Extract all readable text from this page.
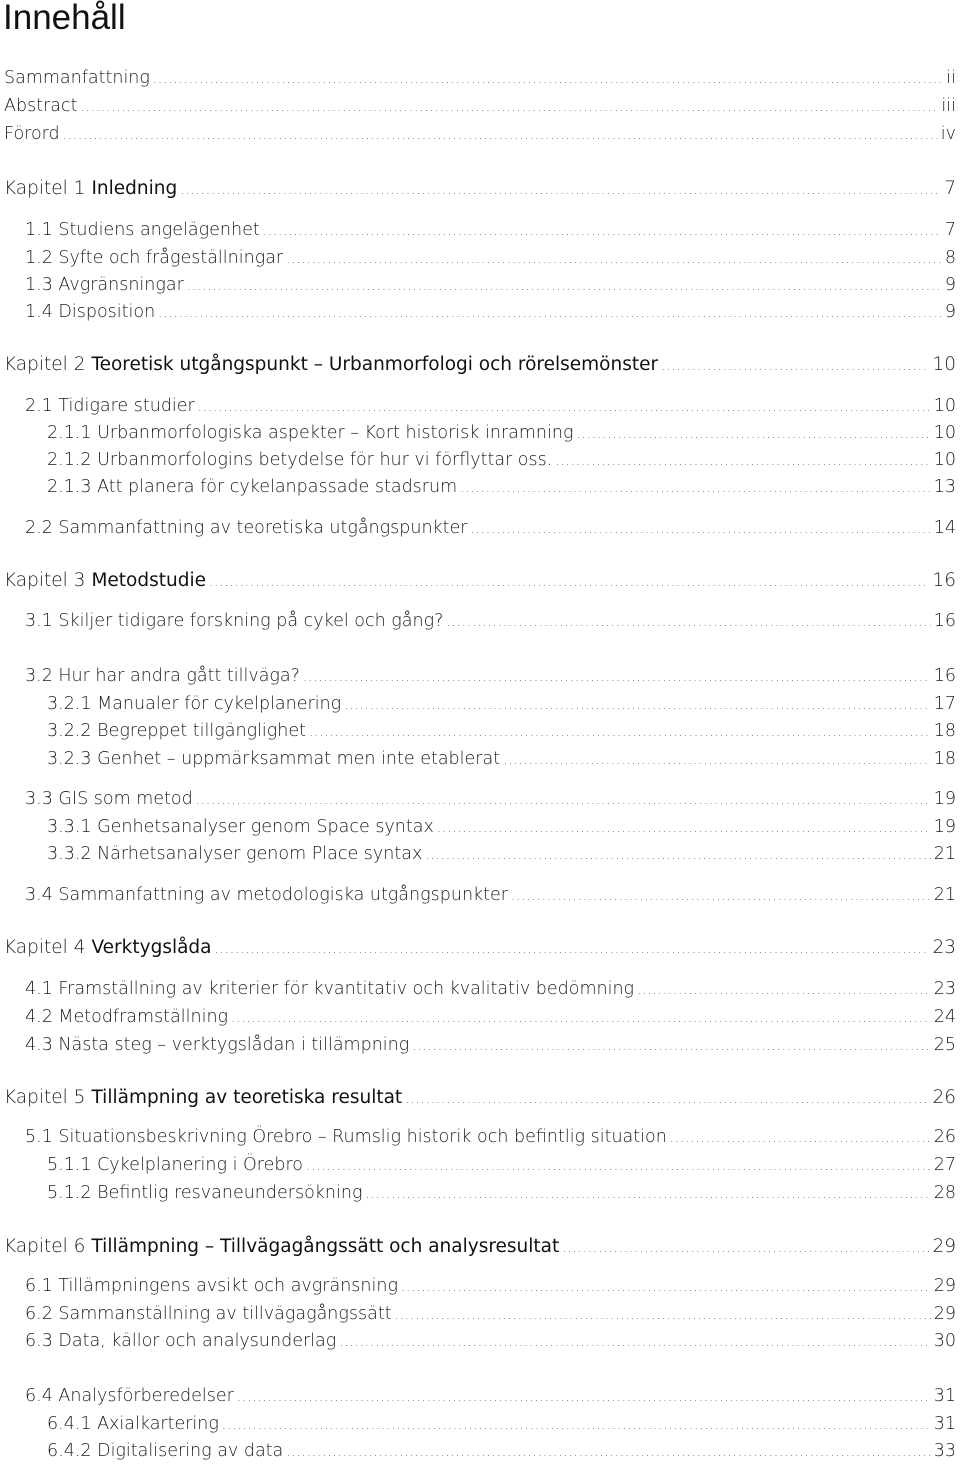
Innehåll
Sammanfattning .....	ii
Abstract .....	iii
Förord .....	iv
Kapitel 1 Inledning .....	7
1.1 Studiens angelägenhet .....	7
1.2 Syfte och frågeställningar .....	8
1.3 Avgränsningar .....	9
1.4 Disposition .....	9
Kapitel 2 Teoretisk utgångspunkt – Urbanmorfologi och rörelsemönster .....	10
2.1 Tidigare studier .....	10
2.1.1 Urbanmorfologiska aspekter – Kort historisk inramning .....	10
2.1.2 Urbanmorfologins betydelse för hur vi förflyttar oss. .....	10
2.1.3 Att planera för cykelanpassade stadsrum .....	13
2.2 Sammanfattning av teoretiska utgångspunkter .....	14
Kapitel 3 Metodstudie .....	16
3.1 Skiljer tidigare forskning på cykel och gång? .....	16
3.2 Hur har andra gått tillväga? .....	16
3.2.1 Manualer för cykelplanering .....	17
3.2.2 Begreppet tillgänglighet .....	18
3.2.3 Genhet – uppmärksammat men inte etablerat .....	18
3.3 GIS som metod .....	19
3.3.1 Genhetsanalyser genom Space syntax .....	19
3.3.2 Närhetsanalyser genom Place syntax .....	21
3.4 Sammanfattning av metodologiska utgångspunkter .....	21
Kapitel 4 Verktygslåda .....	23
4.1 Framställning av kriterier för kvantitativ och kvalitativ bedömning .....	23
4.2 Metodframställning .....	24
4.3 Nästa steg – verktygslådan i tillämpning .....	25
Kapitel 5 Tillämpning av teoretiska resultat .....	26
5.1 Situationsbeskrivning Örebro – Rumslig historik och befintlig situation .....	26
5.1.1 Cykelplanering i Örebro .....	27
5.1.2 Befintlig resvaneundersökning .....	28
Kapitel 6 Tillämpning – Tillvägagångssätt och analysresultat .....	29
6.1 Tillämpningens avsikt och avgränsning .....	29
6.2 Sammanställning av tillvägagångssätt .....	29
6.3 Data, källor och analysunderlag .....	30
6.4 Analysförberedelser .....	31
6.4.1 Axialkartering .....	31
6.4.2 Digitalisering av data .....	33
